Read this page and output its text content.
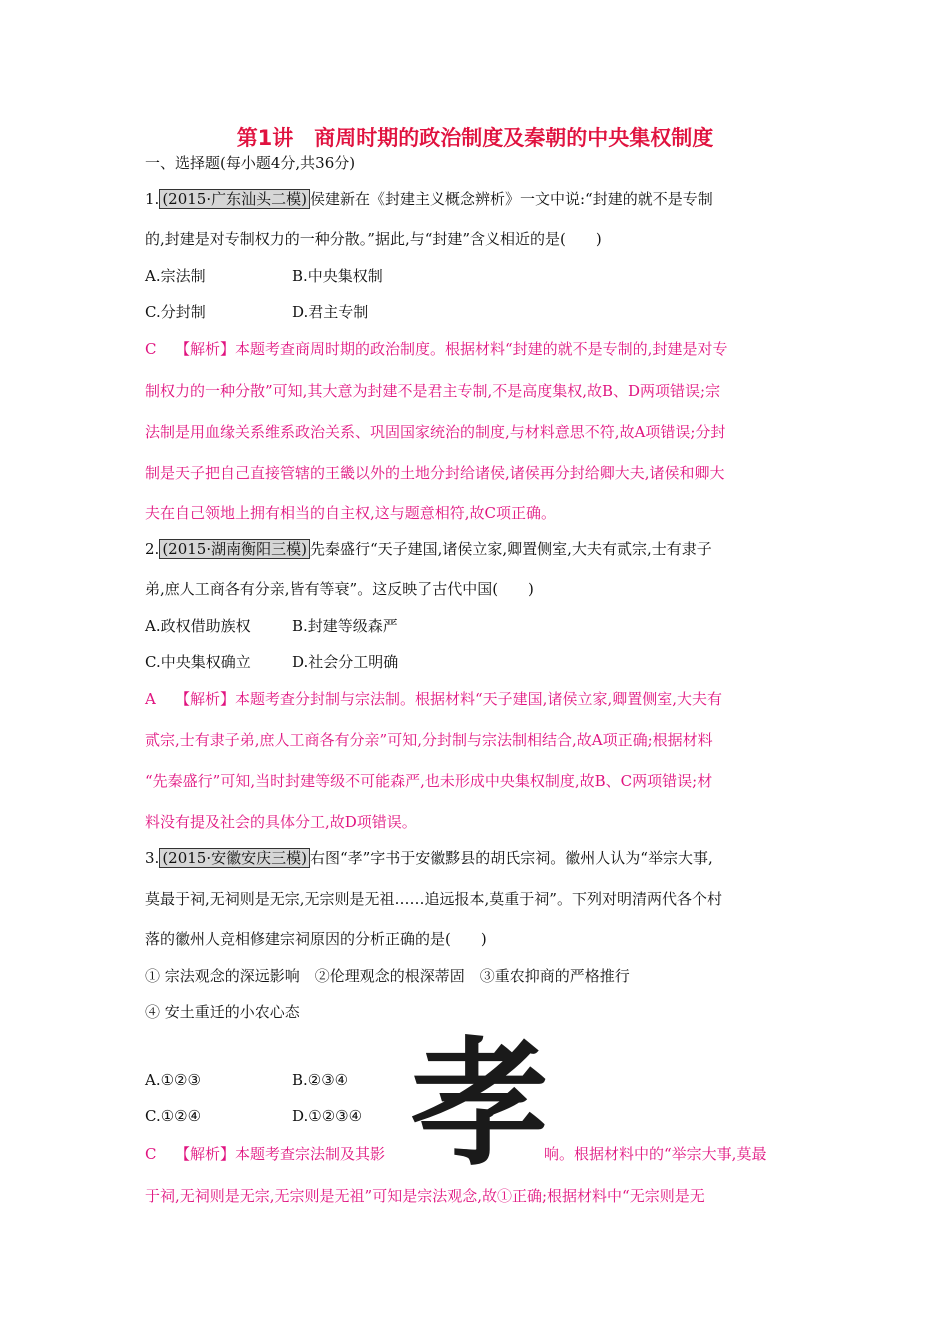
第1讲　商周时期的政治制度及秦朝的中央集权制度
一、选择题(每小题4分,共36分)
1. (2015·广东汕头二模) 侯建新在《封建主义概念辨析》一文中说:“封建的就不是专制
的,封建是对专制权力的一种分散。”据此,与“封建”含义相近的是(　　)
A.宗法制	B.中央集权制
C.分封制	D.君主专制
C 【解析】本题考查商周时期的政治制度。根据材料“封建的就不是专制的,封建是对专
制权力的一种分散”可知,其大意为封建不是君主专制,不是高度集权,故B、D两项错误;宗
法制是用血缘关系维系政治关系、巩固国家统治的制度,与材料意思不符,故A项错误;分封
制是天子把自己直接管辖的王畿以外的土地分封给诸侯,诸侯再分封给卿大夫,诸侯和卿大
夫在自己领地上拥有相当的自主权,这与题意相符,故C项正确。
2. (2015·湖南衡阳三模) 先秦盛行“天子建国,诸侯立家,卿置侧室,大夫有贰宗,士有隶子
弟,庶人工商各有分亲,皆有等衰”。这反映了古代中国(　　)
A.政权借助族权	B.封建等级森严
C.中央集权确立	D.社会分工明确
A 【解析】本题考查分封制与宗法制。根据材料“天子建国,诸侯立家,卿置侧室,大夫有
贰宗,士有隶子弟,庶人工商各有分亲”可知,分封制与宗法制相结合,故A项正确;根据材料
“先秦盛行”可知,当时封建等级不可能森严,也未形成中央集权制度,故B、C两项错误;材
料没有提及社会的具体分工,故D项错误。
3. (2015·安徽安庆三模) 右图“孝”字书于安徽黟县的胡氏宗祠。徽州人认为“举宗大事,
莫最于祠,无祠则是无宗,无宗则是无祖……追远报本,莫重于祠”。下列对明清两代各个村
落的徽州人竞相修建宗祠原因的分析正确的是(　　)
① 宗法观念的深远影响　②伦理观念的根深蒂固　③重农抑商的严格推行
④ 安土重迁的小农心态
孝
A.①②③	B.②③④
C.①②④	D.①②③④
C 【解析】本题考查宗法制及其影	响。根据材料中的“举宗大事,莫最
于祠,无祠则是无宗,无宗则是无祖”可知是宗法观念,故①正确;根据材料中“无宗则是无
